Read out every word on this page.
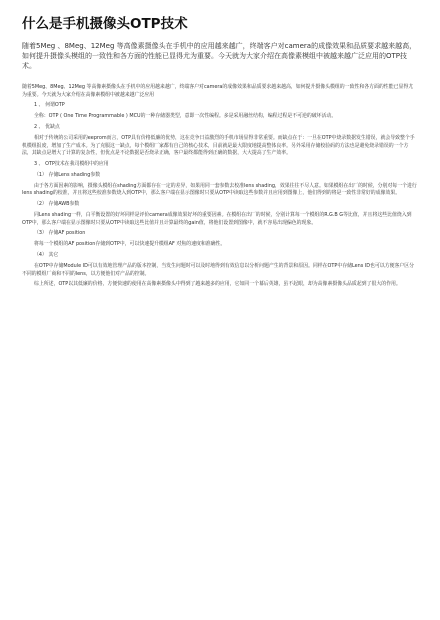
什么是手机摄像头OTP技术
随着5Meg 、8Meg、12Meg 等高像素摄像头在手机中的应用越来越广，终端客户对camera的成像效果和品质要求越来越高，如何提升摄像头模组的一致性和各方面的性能已显得尤为重要。今天就为大家介绍在高像素模组中被越来越广泛应用的OTP技术。

随着5Meg、8Meg、12Meg 等高像素摄像头在手机中的应用越来越广，终端客户对camera的成像效果和品质要求越来越高，如何提升摄像头模组的一致性和各方面的性能已显得尤为重要。今天就为大家介绍在高像素模组中被越来越广泛应用

1 、 何谓OTP

全称：OTP ( One Time Programmable ) MCU的一种存储器类型，意即一次性编程。多是采用融丝结构，编程过程是不可逆的破坏活动。

2 、 优缺点

相对于传统的公司采用的eeprom而言，OTP具有价格低廉的优势，这在竞争日益激烈的手机市场显得非常重要。而缺点在于：一旦在OTP中烧录数据发生错误，就会导致整个手机模组报废，增加了生产成本。为了克服这一缺点，每个模组厂家都有自己的核心技术，目前就是最大限度地提高整体良率。另外采用存储校验码的方法也是避免烧录错误的一个方法，其缺点是增大了计算的复杂性，但优点是不论数据是否烧录正确，客户最终都能得到正确的数据，大大提高了生产效率。

3 、 OTP技术在我司模组中的应用

（1） 存储Lens shading参数

由于各方面因素的影响，摄像头模组在shading方面都存在一定的差异，如果用同一套参数去校准lens shading，效果往往不尽人意。如果模组在出厂的时候，分别对每一个进行lens shading的校准，并且将这些校准参数烧入到OTP中，那么客户端在显示图像时只要从OTP中读取这些参数并且应用到图像上，他们得到的将是一致性非常好的成像效果。

（2） 存储AWB参数

同Lens shading一样，白平衡设置的好坏同样是评价camera成像效果好坏的重要因素。在模组在出厂的时候，分别计算每一个模组的R.G.B G等比值，并且将这些比值烧入到OTP中，那么客户端在显示图像时只要从OTP中读取这些比值并且计算最终的gain值，将他们设置到图像中，就不容易出现偏色的现象。

（3） 存储AF position

将每一个模组的AF position存储到OTP中，可以快速提升模组AF 对焦的速度和准确性。

（4） 其它

在OTP中存储Module ID可以有效地管理产品的版本控制，当发生问题时可以及时地得到有效信息以分析问题产生的背景和原因。同样在OTP中存储Lens ID也可以方便客户区分不同的模组厂商和不同的lens，以方便他们对产品的控制。

综上所述，OTP以其低廉的价格，方便快速的使用在高像素摄像头中得到了越来越多的应用，它如同一个幕后英雄，虽不起眼，却为高像素摄像头品质起到了很大的作用。
